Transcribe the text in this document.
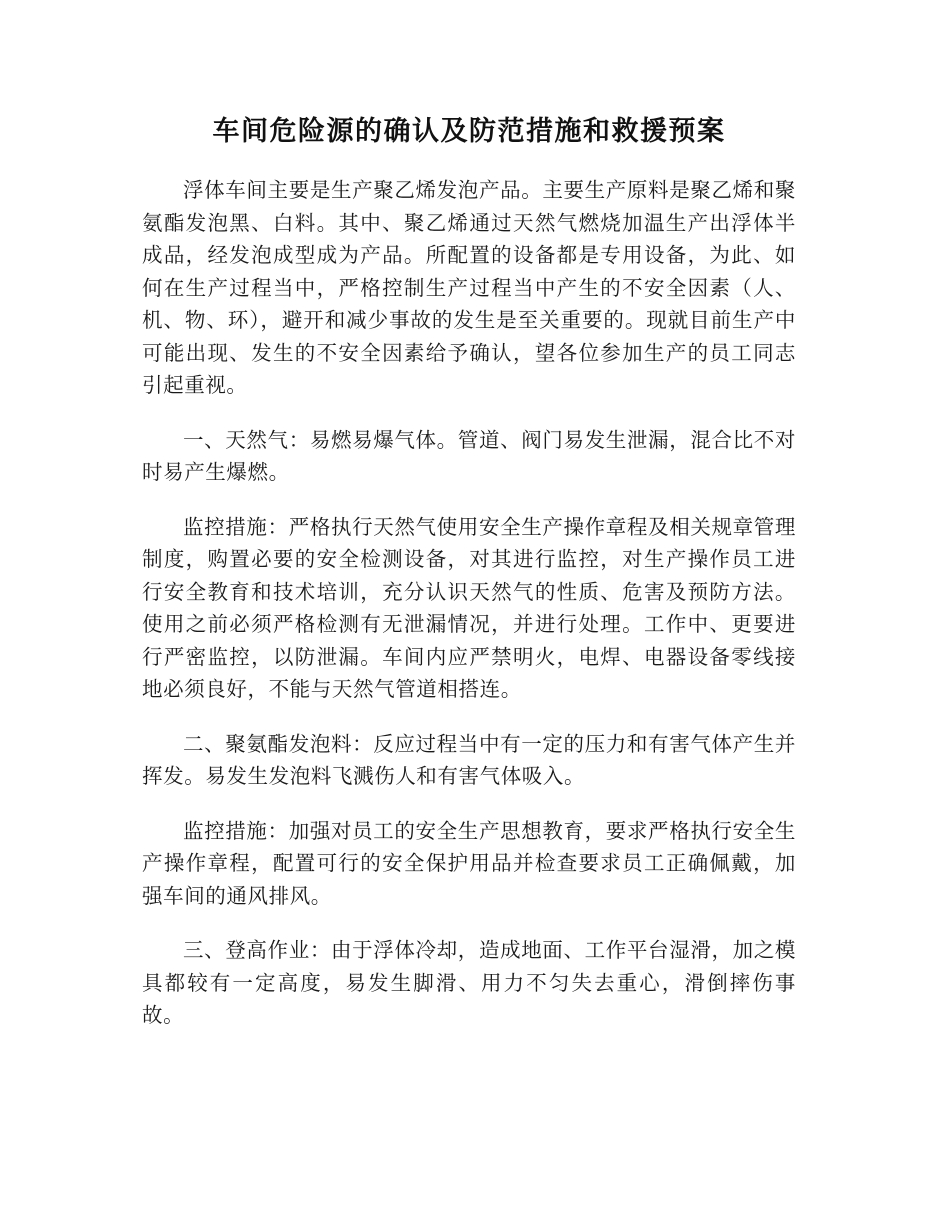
车间危险源的确认及防范措施和救援预案

浮体车间主要是生产聚乙烯发泡产品。主要生产原料是聚乙烯和聚氨酯发泡黑、白料。其中、聚乙烯通过天然气燃烧加温生产出浮体半成品，经发泡成型成为产品。所配置的设备都是专用设备，为此、如何在生产过程当中，严格控制生产过程当中产生的不安全因素（人、机、物、环），避开和减少事故的发生是至关重要的。现就目前生产中可能出现、发生的不安全因素给予确认，望各位参加生产的员工同志引起重视。

一、天然气：易燃易爆气体。管道、阀门易发生泄漏，混合比不对时易产生爆燃。

监控措施：严格执行天然气使用安全生产操作章程及相关规章管理制度，购置必要的安全检测设备，对其进行监控，对生产操作员工进行安全教育和技术培训，充分认识天然气的性质、危害及预防方法。使用之前必须严格检测有无泄漏情况，并进行处理。工作中、更要进行严密监控，以防泄漏。车间内应严禁明火，电焊、电器设备零线接地必须良好，不能与天然气管道相搭连。

二、聚氨酯发泡料：反应过程当中有一定的压力和有害气体产生并挥发。易发生发泡料飞溅伤人和有害气体吸入。

监控措施：加强对员工的安全生产思想教育，要求严格执行安全生产操作章程，配置可行的安全保护用品并检查要求员工正确佩戴，加强车间的通风排风。

三、登高作业：由于浮体冷却，造成地面、工作平台湿滑，加之模具都较有一定高度，易发生脚滑、用力不匀失去重心，滑倒摔伤事故。
